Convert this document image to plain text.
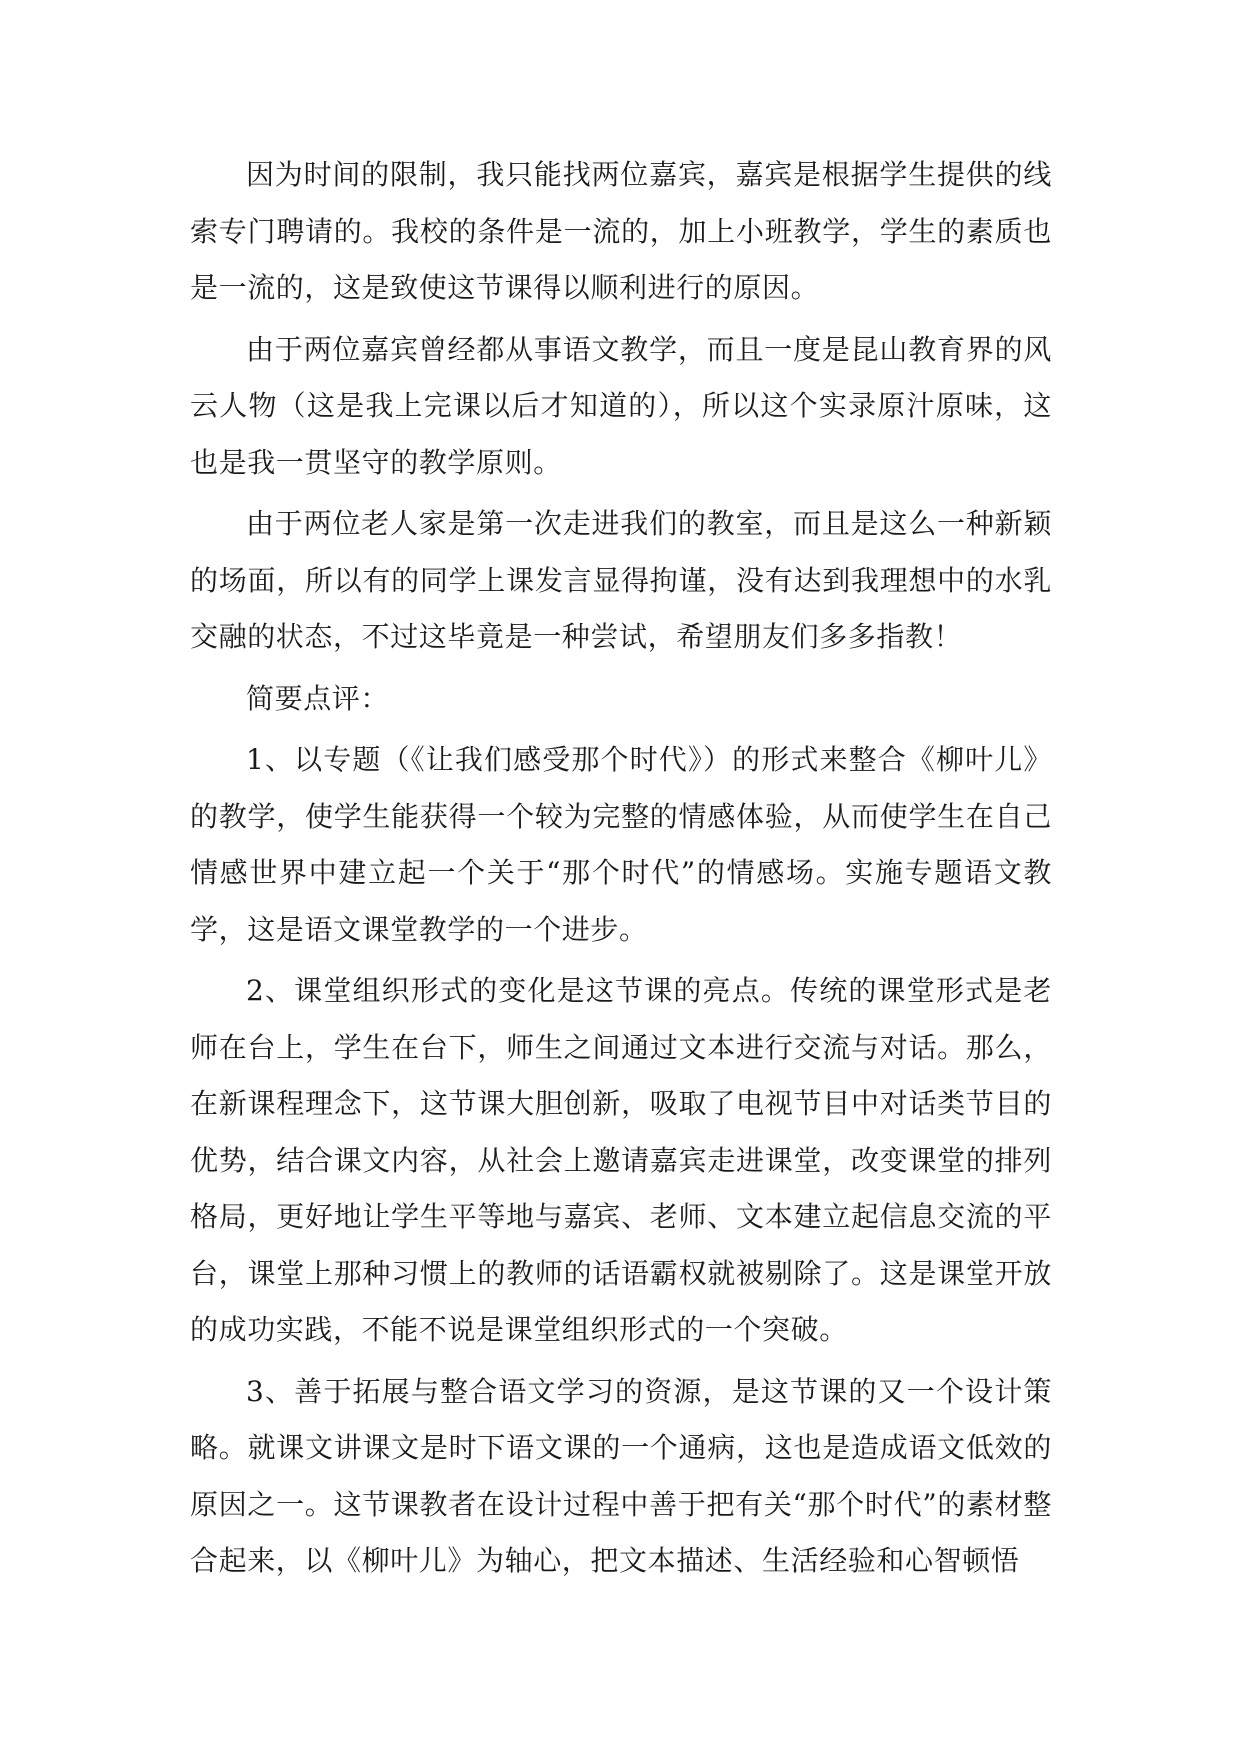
因为时间的限制，我只能找两位嘉宾，嘉宾是根据学生提供的线索专门聘请的。我校的条件是一流的，加上小班教学，学生的素质也是一流的，这是致使这节课得以顺利进行的原因。

由于两位嘉宾曾经都从事语文教学，而且一度是昆山教育界的风云人物（这是我上完课以后才知道的），所以这个实录原汁原味，这也是我一贯坚守的教学原则。

由于两位老人家是第一次走进我们的教室，而且是这么一种新颖的场面，所以有的同学上课发言显得拘谨，没有达到我理想中的水乳交融的状态，不过这毕竟是一种尝试，希望朋友们多多指教！

简要点评：

1、以专题（《让我们感受那个时代》）的形式来整合《柳叶儿》的教学，使学生能获得一个较为完整的情感体验，从而使学生在自己情感世界中建立起一个关于“那个时代”的情感场。实施专题语文教学，这是语文课堂教学的一个进步。

2、课堂组织形式的变化是这节课的亮点。传统的课堂形式是老师在台上，学生在台下，师生之间通过文本进行交流与对话。那么，在新课程理念下，这节课大胆创新，吸取了电视节目中对话类节目的优势，结合课文内容，从社会上邀请嘉宾走进课堂，改变课堂的排列格局，更好地让学生平等地与嘉宾、老师、文本建立起信息交流的平台，课堂上那种习惯上的教师的话语霸权就被剔除了。这是课堂开放的成功实践，不能不说是课堂组织形式的一个突破。

3、善于拓展与整合语文学习的资源，是这节课的又一个设计策略。就课文讲课文是时下语文课的一个通病，这也是造成语文低效的原因之一。这节课教者在设计过程中善于把有关“那个时代”的素材整合起来，以《柳叶儿》为轴心，把文本描述、生活经验和心智顿悟
